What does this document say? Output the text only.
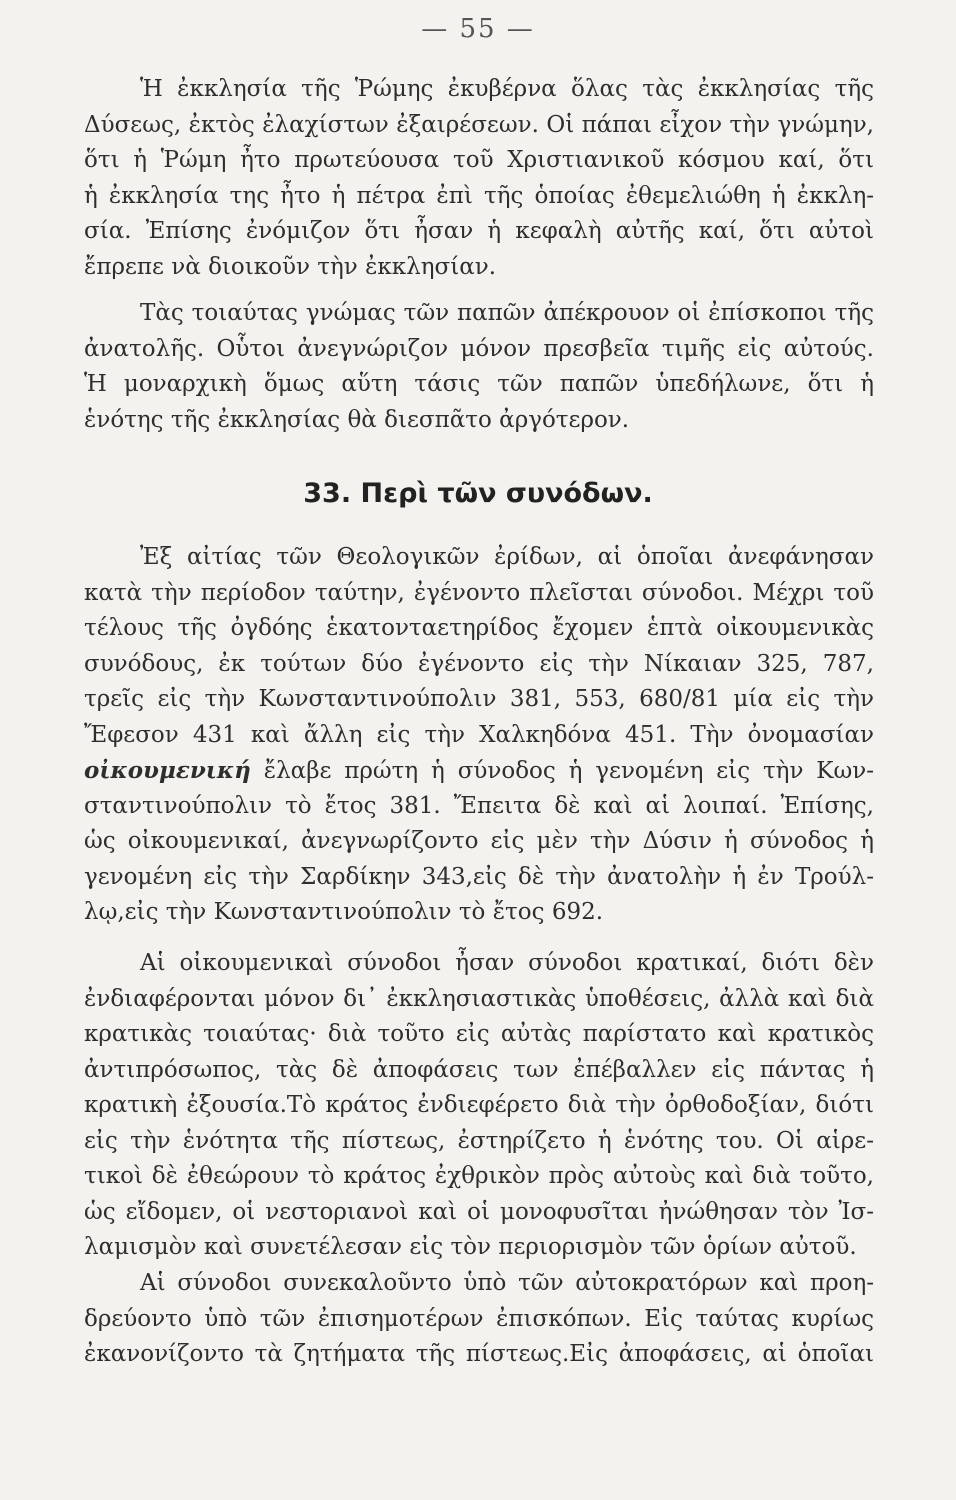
— 55 —
Ἡ ἐκκλησία τῆς Ῥώμης ἐκυβέρνα ὅλας τὰς ἐκκλησίας τῆς
Δύσεως, ἐκτὸς ἐλαχίστων ἐξαιρέσεων. Οἱ πάπαι εἶχον τὴν γνώμην,
ὅτι ἡ Ῥώμη ἦτο πρωτεύουσα τοῦ Χριστιανικοῦ κόσμου καί, ὅτι
ἡ ἐκκλησία της ἦτο ἡ πέτρα ἐπὶ τῆς ὁποίας ἐθεμελιώθη ἡ ἐκκλη-
σία. Ἐπίσης ἐνόμιζον ὅτι ἦσαν ἡ κεφαλὴ αὐτῆς καί, ὅτι αὐτοὶ
ἔπρεπε νὰ διοικοῦν τὴν ἐκκλησίαν.
Τὰς τοιαύτας γνώμας τῶν παπῶν ἀπέκρουον οἱ ἐπίσκοποι τῆς
ἀνατολῆς. Οὗτοι ἀνεγνώριζον μόνον πρεσβεῖα τιμῆς εἰς αὐτούς.
Ἡ μοναρχικὴ ὅμως αὕτη τάσις τῶν παπῶν ὑπεδήλωνε, ὅτι ἡ
ἑνότης τῆς ἐκκλησίας θὰ διεσπᾶτο ἀργότερον.
33. Περὶ τῶν συνόδων.
Ἐξ αἰτίας τῶν Θεολογικῶν ἐρίδων, αἱ ὁποῖαι ἀνεφάνησαν
κατὰ τὴν περίοδον ταύτην, ἐγένοντο πλεῖσται σύνοδοι. Μέχρι τοῦ
τέλους τῆς ὀγδόης ἑκατονταετηρίδος ἔχομεν ἑπτὰ οἰκουμενικὰς
συνόδους, ἐκ τούτων δύο ἐγένοντο εἰς τὴν Νίκαιαν 325, 787,
τρεῖς εἰς τὴν Κωνσταντινούπολιν 381, 553, 680/81 μία εἰς τὴν
Ἔφεσον 431 καὶ ἄλλη εἰς τὴν Χαλκηδόνα 451. Τὴν ὀνομασίαν
οἰκουμενική ἔλαβε πρώτη ἡ σύνοδος ἡ γενομένη εἰς τὴν Κων-
σταντινούπολιν τὸ ἔτος 381. Ἔπειτα δὲ καὶ αἱ λοιπαί. Ἐπίσης,
ὡς οἰκουμενικαί, ἀνεγνωρίζοντο εἰς μὲν τὴν Δύσιν ἡ σύνοδος ἡ
γενομένη εἰς τὴν Σαρδίκην 343,εἰς δὲ τὴν ἀνατολὴν ἡ ἐν Τρούλ-
λῳ,εἰς τὴν Κωνσταντινούπολιν τὸ ἔτος 692.
Αἱ οἰκουμενικαὶ σύνοδοι ἦσαν σύνοδοι κρατικαί, διότι δὲν
ἐνδιαφέρονται μόνον δι᾿ ἐκκλησιαστικὰς ὑποθέσεις, ἀλλὰ καὶ διὰ
κρατικὰς τοιαύτας· διὰ τοῦτο εἰς αὐτὰς παρίστατο καὶ κρατικὸς
ἀντιπρόσωπος, τὰς δὲ ἀποφάσεις των ἐπέβαλλεν εἰς πάντας ἡ
κρατικὴ ἐξουσία.Τὸ κράτος ἐνδιεφέρετο διὰ τὴν ὀρθοδοξίαν, διότι
εἰς τὴν ἑνότητα τῆς πίστεως, ἐστηρίζετο ἡ ἑνότης του. Οἱ αἱρε-
τικοὶ δὲ ἐθεώρουν τὸ κράτος ἐχθρικὸν πρὸς αὐτοὺς καὶ διὰ τοῦτο,
ὡς εἴδομεν, οἱ νεστοριανοὶ καὶ οἱ μονοφυσῖται ἠνώθησαν τὸν Ἰσ-
λαμισμὸν καὶ συνετέλεσαν εἰς τὸν περιορισμὸν τῶν ὁρίων αὐτοῦ.
Αἱ σύνοδοι συνεκαλοῦντο ὑπὸ τῶν αὐτοκρατόρων καὶ προη-
δρεύοντο ὑπὸ τῶν ἐπισημοτέρων ἐπισκόπων. Εἰς ταύτας κυρίως
ἐκανονίζοντο τὰ ζητήματα τῆς πίστεως.Εἰς ἀποφάσεις, αἱ ὁποῖαι
